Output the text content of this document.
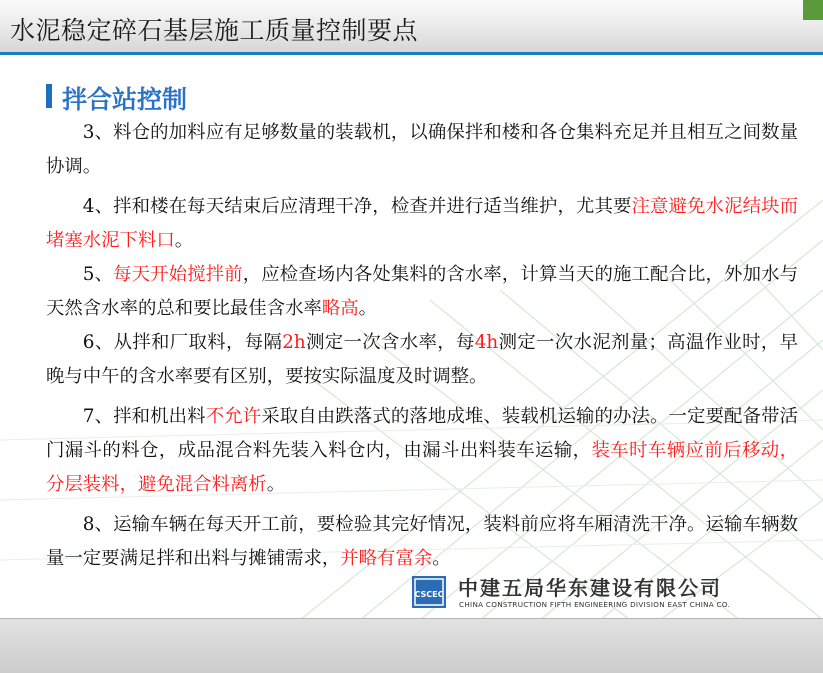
水泥稳定碎石基层施工质量控制要点
拌合站控制

3、料仓的加料应有足够数量的装载机，以确保拌和楼和各仓集料充足并且相互之间数量协调。

4、拌和楼在每天结束后应清理干净，检查并进行适当维护，尤其要注意避免水泥结块而堵塞水泥下料口。

5、每天开始搅拌前，应检查场内各处集料的含水率，计算当天的施工配合比，外加水与天然含水率的总和要比最佳含水率略高。

6、从拌和厂取料，每隔2h测定一次含水率，每4h测定一次水泥剂量；高温作业时，早晚与中午的含水率要有区别，要按实际温度及时调整。

7、拌和机出料不允许采取自由跌落式的落地成堆、装载机运输的办法。一定要配备带活门漏斗的料仓，成品混合料先装入料仓内，由漏斗出料装车运输，装车时车辆应前后移动，分层装料，避免混合料离析。

8、运输车辆在每天开工前，要检验其完好情况，装料前应将车厢清洗干净。运输车辆数量一定要满足拌和出料与摊铺需求，并略有富余。

CSCEC 中建五局华东建设有限公司
CHINA CONSTRUCTION FIFTH ENGINEERING DIVISION EAST CHINA CO.
